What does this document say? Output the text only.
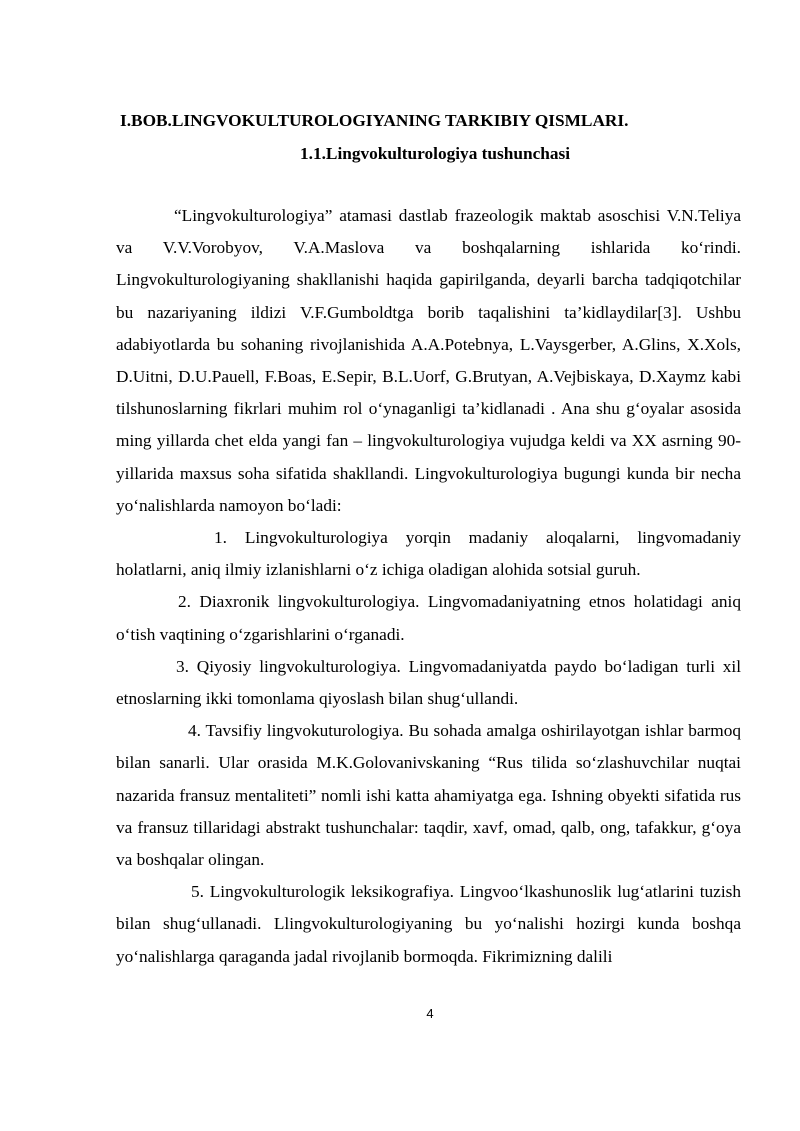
I.BOB.LINGVOKULTUROLOGIYANING TARKIBIY QISMLARI.
1.1.Lingvokulturologiya tushunchasi

“Lingvokulturologiya” atamasi dastlab frazeologik maktab asoschisi V.N.Teliya va V.V.Vorobyov, V.A.Maslova va boshqalarning ishlarida ko‘rindi. Lingvokulturologiyaning shakllanishi haqida gapirilganda, deyarli barcha tadqiqotchilar bu nazariyaning ildizi V.F.Gumboldtga borib taqalishini ta’kidlaydilar[3]. Ushbu adabiyotlarda bu sohaning rivojlanishida A.A.Potebnya, L.Vaysgerber, A.Glins, X.Xols, D.Uitni, D.U.Pauell, F.Boas, E.Sepir, B.L.Uorf, G.Brutyan, A.Vejbiskaya, D.Xaymz kabi tilshunoslarning fikrlari muhim rol o‘ynaganligi ta’kidlanadi . Ana shu g‘oyalar asosida ming yillarda chet elda yangi fan – lingvokulturologiya vujudga keldi va XX asrning 90-yillarida maxsus soha sifatida shakllandi. Lingvokulturologiya bugungi kunda bir necha yo‘nalishlarda namoyon bo‘ladi:

1. Lingvokulturologiya yorqin madaniy aloqalarni, lingvomadaniy holatlarni, aniq ilmiy izlanishlarni o‘z ichiga oladigan alohida sotsial guruh.

2. Diaxronik lingvokulturologiya. Lingvomadaniyatning etnos holatidagi aniq o‘tish vaqtining o‘zgarishlarini o‘rganadi.

3. Qiyosiy lingvokulturologiya. Lingvomadaniyatda paydo bo‘ladigan turli xil etnoslarning ikki tomonlama qiyoslash bilan shug‘ullandi.

4. Tavsifiy lingvokuturologiya. Bu sohada amalga oshirilayotgan ishlar barmoq bilan sanarli. Ular orasida M.K.Golovanivskaning “Rus tilida so‘zlashuvchilar nuqtai nazarida fransuz mentaliteti” nomli ishi katta ahamiyatga ega. Ishning obyekti sifatida rus va fransuz tillaridagi abstrakt tushunchalar: taqdir, xavf, omad, qalb, ong, tafakkur, g‘oya va boshqalar olingan.

5. Lingvokulturologik leksikografiya. Lingvoo‘lkashunoslik lug‘atlarini tuzish bilan shug‘ullanadi. Llingvokulturologiyaning bu yo‘nalishi hozirgi kunda boshqa yo‘nalishlarga qaraganda jadal rivojlanib bormoqda. Fikrimizning dalili

4
